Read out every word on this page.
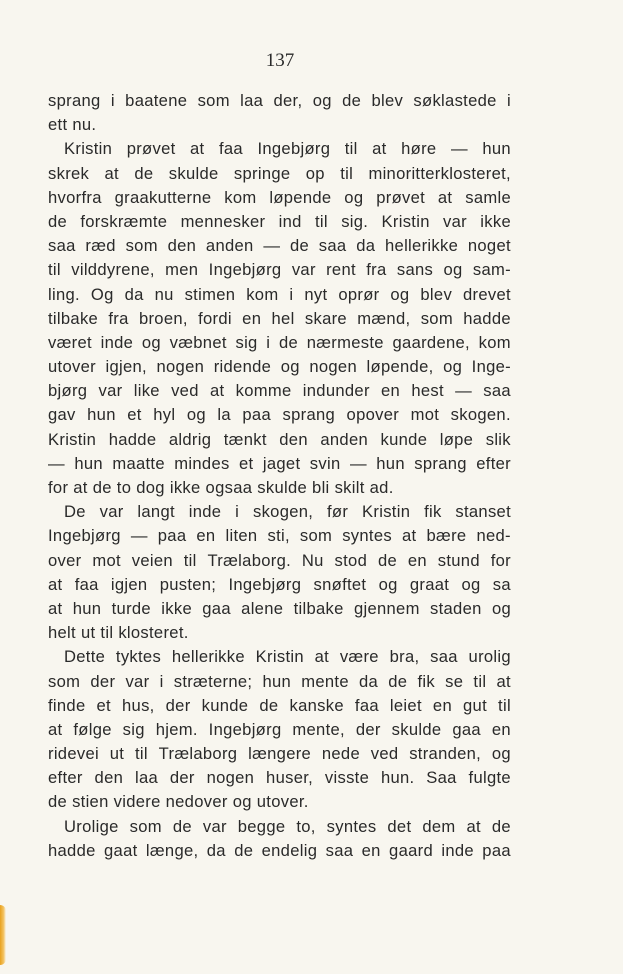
137
sprang i baatene som laa der, og de blev søklastede i
ett nu.
Kristin prøvet at faa Ingebjørg til at høre — hun
skrek at de skulde springe op til minoritterklosteret,
hvorfra graakutterne kom løpende og prøvet at samle
de forskræmte mennesker ind til sig. Kristin var ikke
saa ræd som den anden — de saa da hellerikke noget
til vilddyrene, men Ingebjørg var rent fra sans og sam-
ling. Og da nu stimen kom i nyt oprør og blev drevet
tilbake fra broen, fordi en hel skare mænd, som hadde
været inde og væbnet sig i de nærmeste gaardene, kom
utover igjen, nogen ridende og nogen løpende, og Inge-
bjørg var like ved at komme indunder en hest — saa
gav hun et hyl og la paa sprang opover mot skogen.
Kristin hadde aldrig tænkt den anden kunde løpe slik
— hun maatte mindes et jaget svin — hun sprang efter
for at de to dog ikke ogsaa skulde bli skilt ad.
De var langt inde i skogen, før Kristin fik stanset
Ingebjørg — paa en liten sti, som syntes at bære ned-
over mot veien til Trælaborg. Nu stod de en stund for
at faa igjen pusten; Ingebjørg snøftet og graat og sa
at hun turde ikke gaa alene tilbake gjennem staden og
helt ut til klosteret.
Dette tyktes hellerikke Kristin at være bra, saa urolig
som der var i stræterne; hun mente da de fik se til at
finde et hus, der kunde de kanske faa leiet en gut til
at følge sig hjem. Ingebjørg mente, der skulde gaa en
ridevei ut til Trælaborg længere nede ved stranden, og
efter den laa der nogen huser, visste hun. Saa fulgte
de stien videre nedover og utover.
Urolige som de var begge to, syntes det dem at de
hadde gaat længe, da de endelig saa en gaard inde paa
